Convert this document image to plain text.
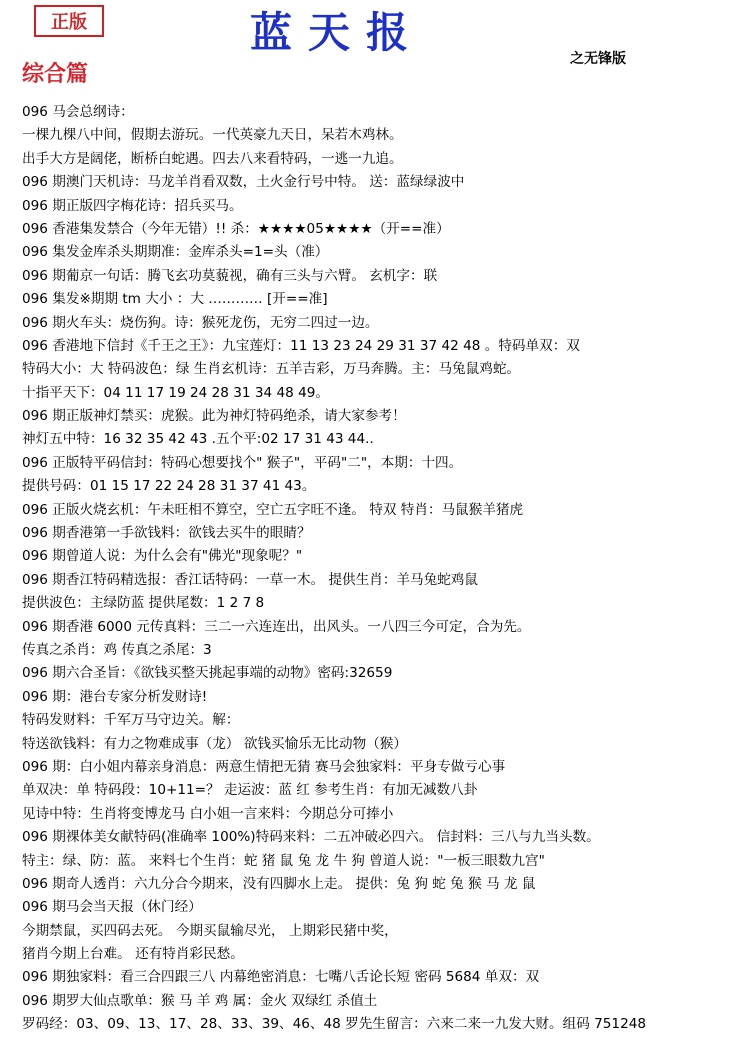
正版	蓝天报
之无锋版
综合篇
096 马会总纲诗：
一棵九棵八中间，假期去游玩。一代英豪九天日，呆若木鸡林。
出手大方是阔佬，断桥白蛇遇。四去八来看特码，一逃一九追。
096 期澳门天机诗：马龙羊肖看双数，土火金行号中特。 送：蓝绿绿波中
096 期正版四字梅花诗：招兵买马。
096 香港集发禁合（今年无错）!! 杀：★★★★05★★★★（开==准）
096 集发金库杀头期期准：金库杀头=1=头（准）
096 期葡京一句话：腾飞玄功莫藐视，确有三头与六臂。 玄机字：联
096 集发※期期 tm 大小 ：大 ………… [开==准]
096 期火车头：烧伤狗。诗：猴死龙伤，无穷二四过一边。
096 香港地下信封《千王之王》：九宝莲灯：11 13 23 24 29 31 37 42 48 。特码单双：双
特码大小：大 特码波色：绿 生肖玄机诗：五羊吉彩，万马奔腾。主：马兔鼠鸡蛇。
十指平天下：04 11 17 19 24 28 31 34 48 49。
096 期正版神灯禁买：虎猴。此为神灯特码绝杀，请大家参考！
神灯五中特：16 32 35 42 43 .五个平:02 17 31 43 44..
096 正版特平码信封：特码心想要找个" 猴子"，平码"二"，本期：十四。
提供号码：01 15 17 22 24 28 31 37 41 43。
096 正版火烧玄机：午未旺相不算空，空亡五字旺不逢。 特双 特肖：马鼠猴羊猪虎
096 期香港第一手欲钱料：欲钱去买牛的眼睛？
096 期曾道人说：为什么会有"佛光"现象呢？"
096 期香江特码精选报：香江话特码：一草一木。 提供生肖：羊马兔蛇鸡鼠
提供波色：主绿防蓝 提供尾数：1 2 7 8
096 期香港 6000 元传真料：三二一六连连出，出风头。一八四三今可定，合为先。
传真之杀肖：鸡 传真之杀尾：3
096 期六合圣旨：《欲钱买整天挑起事端的动物》密码:32659
096 期：港台专家分析发财诗!
特码发财料：千军万马守边关。解：
特送欲钱料：有力之物难成事（龙） 欲钱买愉乐无比动物（猴）
096 期：白小姐内幕亲身消息：两意生情把无猜 赛马会独家料：平身专做亏心事
单双决：单 特码段：10+11=？ 走运波：蓝 红 参考生肖：有加无减数八卦
见诗中特：生肖将变博龙马 白小姐一言来料：今期总分可捧小
096 期裸体美女献特码(准确率 100%)特码来料：二五冲破必四六。 信封料：三八与九当头数。
特主：绿、防：蓝。 来料七个生肖：蛇 猪 鼠 兔 龙 牛 狗 曾道人说："一板三眼数九宫"
096 期奇人透肖：六九分合今期来，没有四脚水上走。 提供：兔 狗 蛇 兔 猴 马 龙 鼠
096 期马会当天报（休门经）
今期禁鼠，买四码去死。 今期买鼠输尽光， 上期彩民猪中奖，
猪肖今期上台难。 还有特肖彩民愁。
096 期独家料：看三合四跟三八 内幕绝密消息：七嘴八舌论长短 密码 5684 单双：双
096 期罗大仙点歌单：猴 马 羊 鸡 属：金火 双绿红 杀值土
罗码经：03、09、13、17、28、33、39、46、48 罗先生留言：六来二来一九发大财。组码 751248
